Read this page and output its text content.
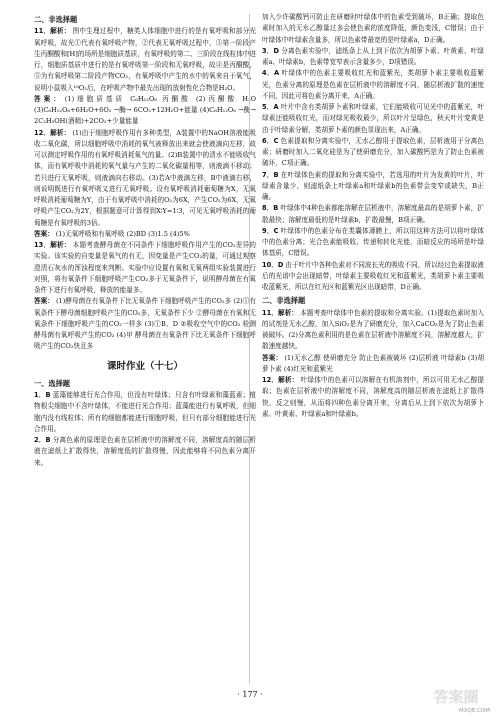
二、非选择题

11．解析： 图中生理过程中，糖类人体细胞中进行的是有氧呼吸和部分光氧呼吸，故光①代表有氧呼吸产物，②代表无氧呼吸过程中，③第一阶段产生丙酮酸和[H]的场所是细胞质基质，有氧呼吸的第二、三阶段在线粒体中进行，细胞质基质中进行的是有氧呼吸第一阶段和无氧呼吸，故④是丙酮酸，⑤为有氧呼吸第二阶段产物CO₂，有氧呼吸中产生的水中的氧来自于氧气，说明小鼠吸入¹⁸O₂后，在呼吸产物中最先出现的放射性化合物是H₂O。

答案： (1)细胞质基质 C₆H₁₂O₆ 丙酮酸 (2)丙酮酸 H₂O (3)C₆H₁₂O₆+6H₂O+6O₂ →酶→ 6CO₂+12H₂O+能量 (4)C₆H₁₂O₆ →酶→ 2C₂H₅OH(酒精)+2CO₂+少量能量

12．解析： (1)由于细胞呼吸作用有多种类型，A装置中的NaOH溶液能吸收二氧化碳，所以细胞呼吸中消耗的氧气被释放出来就会使液滴向左移，故可以测定呼吸作用的有氧呼吸消耗氧气的量。(2)B装置中的清水不能吸收气体，而有氧呼吸中消耗的氧气量与产生的二氧化碳量相等，则液滴不移动；若只进行无氧呼吸，则液滴向右移动。(3)若A中液滴左移，B中液滴右移，则说明既进行有氧呼吸又进行无氧呼吸。设有氧呼吸消耗葡萄糖为X，无氧呼吸消耗葡萄糖为Y，由于有氧呼吸中消耗的O₂为6X，产生CO₂为6X，无氧呼吸产生CO₂为2Y，根据题意可计算得到X∶Y=1∶3，可见无氧呼吸消耗的葡萄糖是有氧呼吸的3倍。

答案： (1)无氧呼吸和有氧呼吸 (2)BD (3)1.5 (4)5%

13．解析： 本题考查酵母菌在不同条件下细胞呼吸作用产生的CO₂差异的实验。该实验的自变量是氧气的有无，因变量是产生CO₂的量，可通过观察澄清石灰水的浑浊程度来判断。实验中应设置有氧和无氧两组实验装置进行对照，将有氧条件下细胞呼吸产生CO₂多于无氧条件下，说明酵母菌在有氧条件下进行有氧呼吸，释放的能量多。

答案： (1)酵母菌在有氧条件下比无氧条件下细胞呼吸产生的CO₂多 (2)①有氧条件下酵母菌细胞呼吸产生的CO₂多，无氧条件下少 ②酵母菌在有氧和无氧条件下细胞呼吸产生的CO₂一样多 (3)①B、D ②吸收空气中的CO₂ 检测酵母菌有氧呼吸产生的CO₂ (4)甲 酵母菌在有氧条件下比无氧条件下细胞呼吸产生的CO₂快且多

课时作业（十七）
一、选择题

1．B 蓝藻能够进行光合作用，但没有叶绿体；只含有叶绿素和藻蓝素；植物根尖细胞中不含叶绿体，不能进行光合作用；蓝藻能进行有氧呼吸，但细胞内没有线粒体；所有的细胞都能进行细胞呼吸，但只有部分细胞能进行光合作用。

2．B 分离色素的原理是色素在层析液中的溶解度不同，溶解度高的随层析液在滤纸上扩散得快，溶解度低的扩散得慢，因此能够将不同色素分离开来。

加入少许碳酸钙可防止在研磨时叶绿体中的色素受到破坏，B正确；提取色素时加入的无水乙醇量过多会使色素的浓度降低，颜色变浅，C错误；由于叶绿体中叶绿素含量多，所以色素带最宽的是叶绿素a，D正确。

3．D 分离色素实验中，滤纸条上从上到下依次为胡萝卜素、叶黄素、叶绿素a、叶绿素b，色素带宽窄表示含量多少，D项错误。

4．A 叶绿体中的色素主要吸收红光和蓝紫光，类胡萝卜素主要吸收蓝紫光，色素分离的原理是色素在层析液中的溶解度不同，随层析液扩散的速度不同，因此可将色素分离开来，A正确。

5．A 叶片中含有类胡萝卜素和叶绿素，它们能吸收可见光中的蓝紫光，叶绿素还能吸收红光，而对绿光吸收最少，所以叶片呈绿色，秋天叶片变黄是由于叶绿素分解，类胡萝卜素的颜色显现出来，A正确。

6．C 色素提取和分离实验中，无水乙醇用于提取色素，层析液用于分离色素；研磨时加入二氧化硅是为了使研磨充分，加入碳酸钙是为了防止色素被破坏，C项正确。

7．B 在叶绿体色素的提取和分离实验中，若选用的叶片为发黄的叶片，叶绿素含量少，则滤纸条上叶绿素a和叶绿素b的色素带会变窄或缺失，B正确。

8．B 叶绿体中4种色素都能溶解在层析液中，溶解度最高的是胡萝卜素，扩散最快；溶解度最低的是叶绿素b，扩散最慢，B项正确。

9．C 叶绿体中的色素分布在类囊体薄膜上，所以用这种方法可以将叶绿体中的色素分离；光合色素能吸收、传递和转化光能，而暗反应的场所是叶绿体基质，C错误。

10．D 由于叶片中各种色素对不同波长光的吸收不同，所以经过色素提取液后的光谱中会出现暗带，叶绿素主要吸收红光和蓝紫光，类胡萝卜素主要吸收蓝紫光，所以在红光区和蓝紫光区出现暗带，D正确。

二、非选择题

11．解析： 本题考查叶绿体中色素的提取和分离实验。(1)提取色素时加入的试剂是无水乙醇，加入SiO₂是为了研磨充分，加入CaCO₃是为了防止色素被破坏。(2)分离色素利用的是色素在层析液中溶解度不同，溶解度越大，扩散速度越快。

答案： (1)无水乙醇 使研磨充分 防止色素被破坏 (2)层析液 叶绿素b (3)胡萝卜素 (4)红光和蓝紫光

12．解析： 叶绿体中的色素可以溶解在有机溶剂中，所以可用无水乙醇提取；色素在层析液中的溶解度不同，溶解度高的随层析液在滤纸上扩散得快，反之则慢，从而将四种色素分离开来，分离后从上到下依次为胡萝卜素、叶黄素、叶绿素a和叶绿素b。

· 177 ·	答案圈
MXQE.COM
